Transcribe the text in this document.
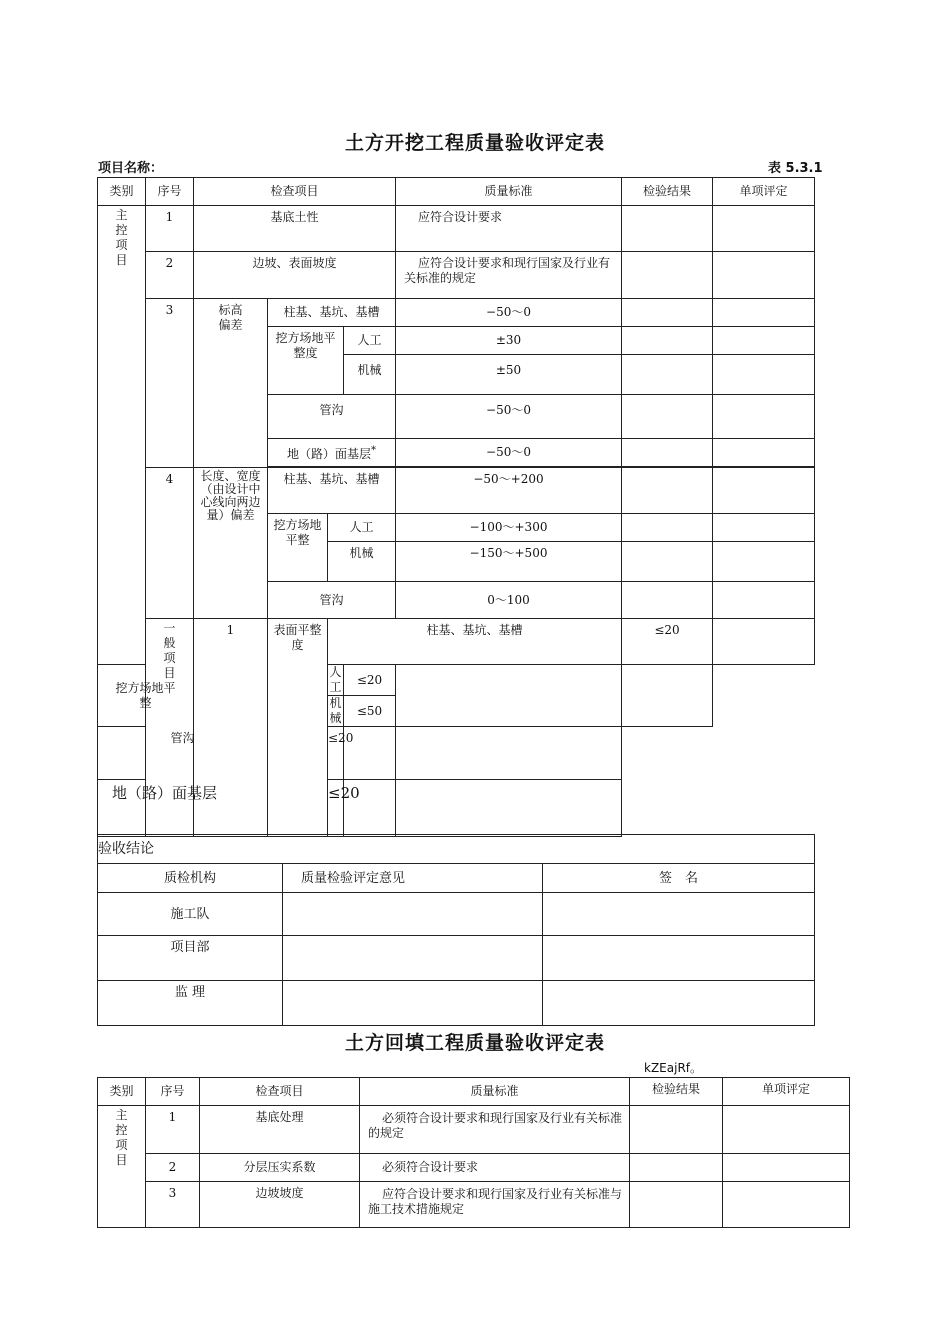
土方开挖工程质量验收评定表
项目名称：	表 5.3.1
类别	序号	检查项目				质量标准	检验结果	单项评定	

主控项目	1	基底土性				应符合设计要求			
	2	边坡、表面坡度				应符合设计要求和现行国家及行业有关标准的规定			
	3	标高偏差	柱基、基坑、基槽			−50～0			

			挖方场地平整度		人工	±30			
					机械	±50			
			管沟			−50～0			
			地（路）面基层*			−50～0			

	4	长度、宽度（由设计中心线向两边量）偏差	柱基、基坑、基槽			−50～+200			

			挖方场地平整	人工		−100～+300			
				机械		−150～+500			
			管沟			0～100			

	一般项目	1	表面平整度	柱基、基坑、基槽			≤20		

挖方场地平整				人工	≤20				
				机械	≤50				
管沟				≤20					
地（路）面基层				≤20					
验收结论		
质检机构	质量检验评定意见	签　名
施工队		
项目部		
监 理		
土方回填工程质量验收评定表
kZEajRf。
类别	序号	检查项目	质量标准	检验结果	单项评定

主控项目	1	基底处理	必须符合设计要求和现行国家及行业有关标准的规定		
	2	分层压实系数	必须符合设计要求		
	3	边坡坡度	应符合设计要求和现行国家及行业有关标准与施工技术措施规定		
